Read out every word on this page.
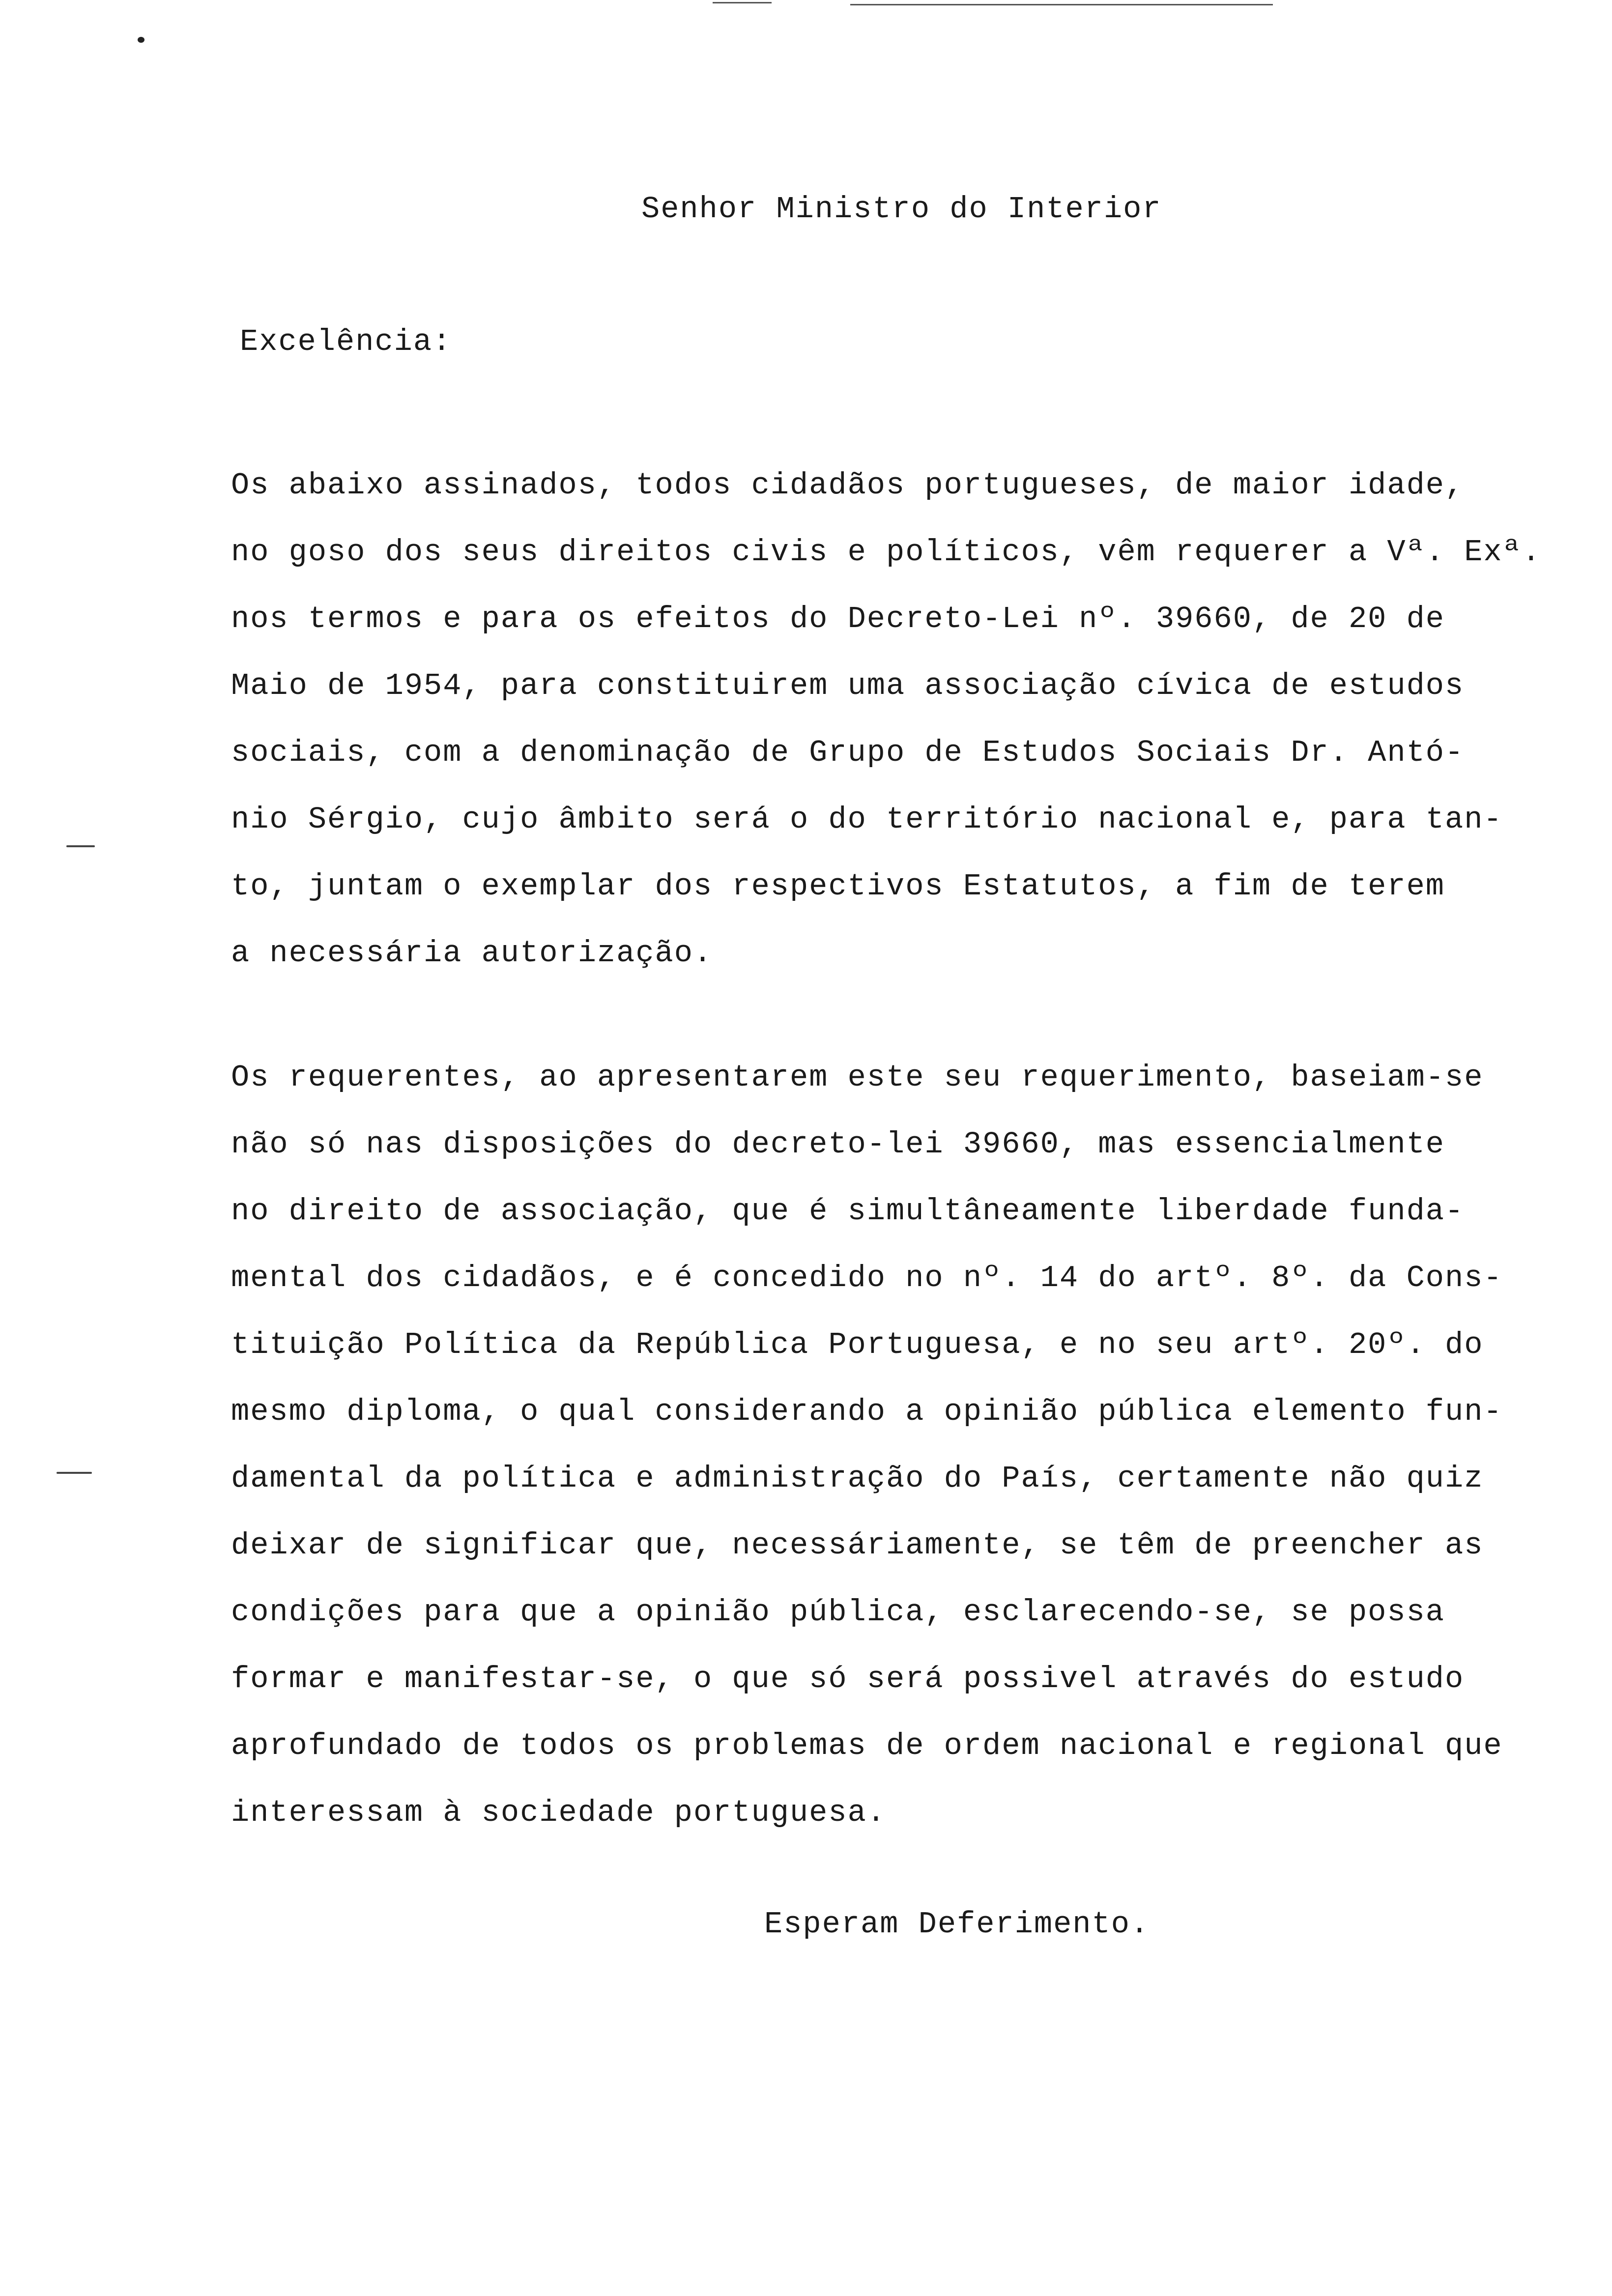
Senhor Ministro do Interior
Excelência:
Os abaixo assinados, todos cidadãos portugueses, de maior idade,
no goso dos seus direitos civis e políticos, vêm requerer a Vª. Exª.
nos termos e para os efeitos do Decreto-Lei nº. 39660, de 20 de
Maio de 1954, para constituirem uma associação cívica de estudos
sociais, com a denominação de Grupo de Estudos Sociais Dr. Antó-
nio Sérgio, cujo âmbito será o do território nacional e, para tan-
to, juntam o exemplar dos respectivos Estatutos, a fim de terem
a necessária autorização.
Os requerentes, ao apresentarem este seu requerimento, baseiam-se
não só nas disposições do decreto-lei 39660, mas essencialmente
no direito de associação, que é simultâneamente liberdade funda-
mental dos cidadãos, e é concedido no nº. 14 do artº. 8º. da Cons-
tituição Política da República Portuguesa, e no seu artº. 20º. do
mesmo diploma, o qual considerando a opinião pública elemento fun-
damental da política e administração do País, certamente não quiz
deixar de significar que, necessáriamente, se têm de preencher as
condições para que a opinião pública, esclarecendo-se, se possa
formar e manifestar-se, o que só será possivel através do estudo
aprofundado de todos os problemas de ordem nacional e regional que
interessam à sociedade portuguesa.
Esperam Deferimento.
